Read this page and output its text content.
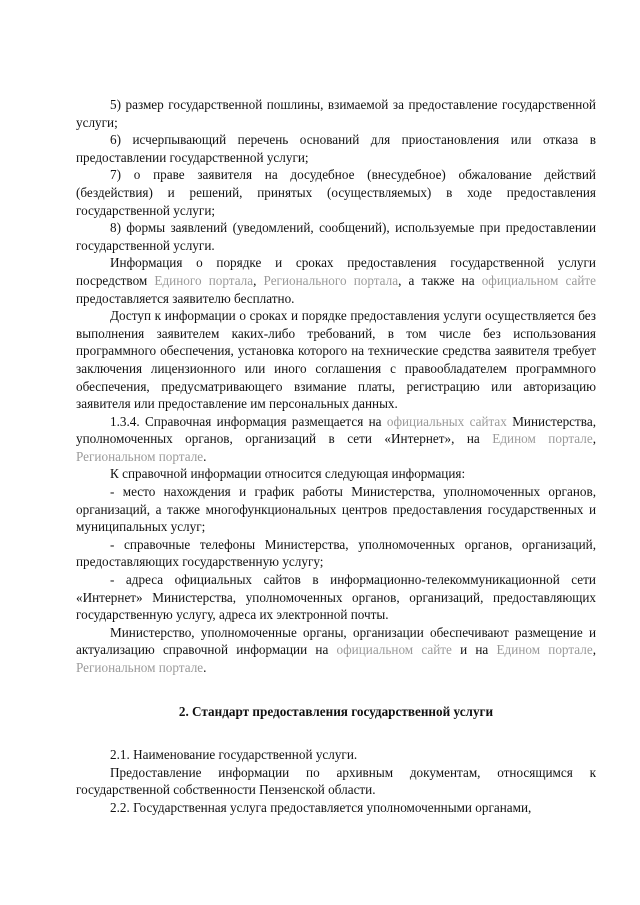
5) размер государственной пошлины, взимаемой за предоставление государственной услуги;

6) исчерпывающий перечень оснований для приостановления или отказа в предоставлении государственной услуги;

7) о праве заявителя на досудебное (внесудебное) обжалование действий (бездействия) и решений, принятых (осуществляемых) в ходе предоставления государственной услуги;

8) формы заявлений (уведомлений, сообщений), используемые при предоставлении государственной услуги.

Информация о порядке и сроках предоставления государственной услуги посредством Единого портала, Регионального портала, а также на официальном сайте предоставляется заявителю бесплатно.

Доступ к информации о сроках и порядке предоставления услуги осуществляется без выполнения заявителем каких-либо требований, в том числе без использования программного обеспечения, установка которого на технические средства заявителя требует заключения лицензионного или иного соглашения с правообладателем программного обеспечения, предусматривающего взимание платы, регистрацию или авторизацию заявителя или предоставление им персональных данных.

1.3.4. Справочная информация размещается на официальных сайтах Министерства, уполномоченных органов, организаций в сети «Интернет», на Едином портале, Региональном портале.

К справочной информации относится следующая информация:

- место нахождения и график работы Министерства, уполномоченных органов, организаций, а также многофункциональных центров предоставления государственных и муниципальных услуг;

- справочные телефоны Министерства, уполномоченных органов, организаций, предоставляющих государственную услугу;

- адреса официальных сайтов в информационно-телекоммуникационной сети «Интернет» Министерства, уполномоченных органов, организаций, предоставляющих государственную услугу, адреса их электронной почты.

Министерство, уполномоченные органы, организации обеспечивают размещение и актуализацию справочной информации на официальном сайте и на Едином портале, Региональном портале.

2. Стандарт предоставления государственной услуги

2.1. Наименование государственной услуги.

Предоставление информации по архивным документам, относящимся к государственной собственности Пензенской области.

2.2. Государственная услуга предоставляется уполномоченными органами,
